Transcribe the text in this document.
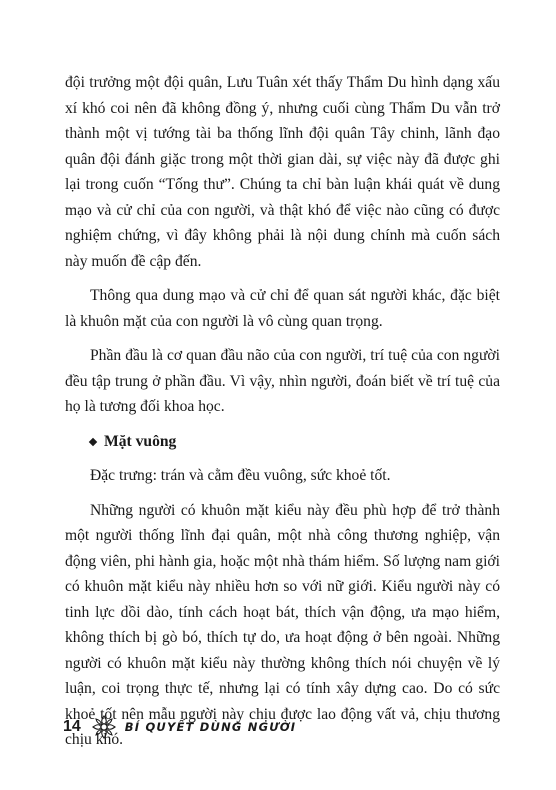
đội trưởng một đội quân, Lưu Tuân xét thấy Thẩm Du hình dạng xấu xí khó coi nên đã không đồng ý, nhưng cuối cùng Thẩm Du vẫn trở thành một vị tướng tài ba thống lĩnh đội quân Tây chinh, lãnh đạo quân đội đánh giặc trong một thời gian dài, sự việc này đã được ghi lại trong cuốn “Tống thư”. Chúng ta chỉ bàn luận khái quát về dung mạo và cử chỉ của con người, và thật khó để việc nào cũng có được nghiệm chứng, vì đây không phải là nội dung chính mà cuốn sách này muốn đề cập đến.

Thông qua dung mạo và cử chỉ để quan sát người khác, đặc biệt là khuôn mặt của con người là vô cùng quan trọng.

Phần đầu là cơ quan đầu não của con người, trí tuệ của con người đều tập trung ở phần đầu. Vì vậy, nhìn người, đoán biết về trí tuệ của họ là tương đối khoa học.

Mặt vuông

Đặc trưng: trán và cằm đều vuông, sức khoẻ tốt.

Những người có khuôn mặt kiểu này đều phù hợp để trở thành một người thống lĩnh đại quân, một nhà công thương nghiệp, vận động viên, phi hành gia, hoặc một nhà thám hiểm. Số lượng nam giới có khuôn mặt kiểu này nhiều hơn so với nữ giới. Kiểu người này có tinh lực dồi dào, tính cách hoạt bát, thích vận động, ưa mạo hiểm, không thích bị gò bó, thích tự do, ưa hoạt động ở bên ngoài. Những người có khuôn mặt kiểu này thường không thích nói chuyện về lý luận, coi trọng thực tế, nhưng lại có tính xây dựng cao. Do có sức khoẻ tốt nên mẫu người này chịu được lao động vất vả, chịu thương chịu khó.

14	BÍ QUYẾT DÙNG NGƯỜI
